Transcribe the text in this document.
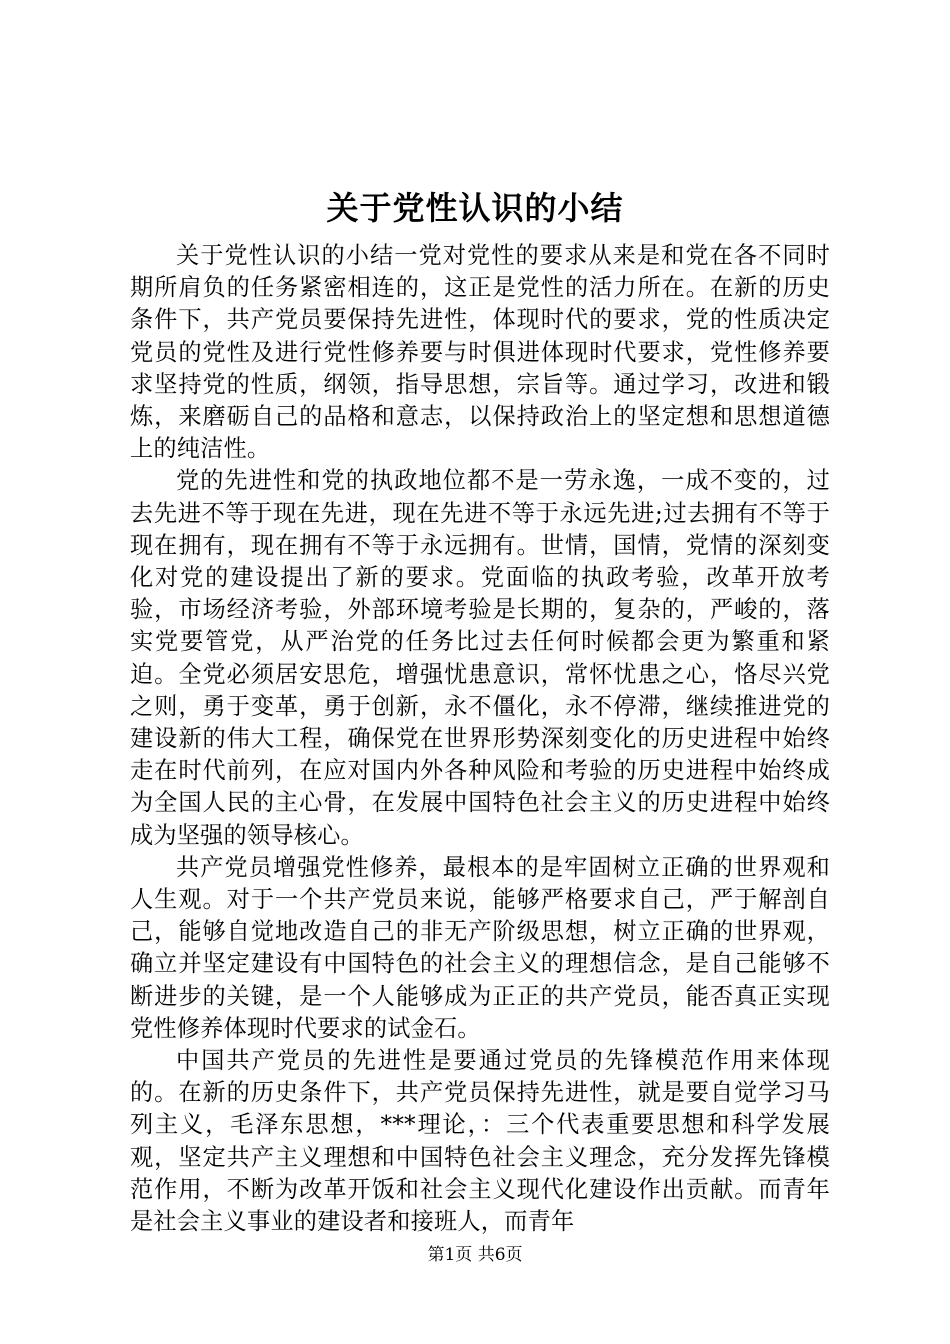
关于党性认识的小结

关于党性认识的小结一党对党性的要求从来是和党在各不同时期所肩负的任务紧密相连的，这正是党性的活力所在。在新的历史条件下，共产党员要保持先进性，体现时代的要求，党的性质决定党员的党性及进行党性修养要与时俱进体现时代要求，党性修养要求坚持党的性质，纲领，指导思想，宗旨等。通过学习，改进和锻炼，来磨砺自己的品格和意志，以保持政治上的坚定想和思想道德上的纯洁性。

党的先进性和党的执政地位都不是一劳永逸，一成不变的，过去先进不等于现在先进，现在先进不等于永远先进;过去拥有不等于现在拥有，现在拥有不等于永远拥有。世情，国情，党情的深刻变化对党的建设提出了新的要求。党面临的执政考验，改革开放考验，市场经济考验，外部环境考验是长期的，复杂的，严峻的，落实党要管党，从严治党的任务比过去任何时候都会更为繁重和紧迫。全党必须居安思危，增强忧患意识，常怀忧患之心，恪尽兴党之则，勇于变革，勇于创新，永不僵化，永不停滞，继续推进党的建设新的伟大工程，确保党在世界形势深刻变化的历史进程中始终走在时代前列，在应对国内外各种风险和考验的历史进程中始终成为全国人民的主心骨，在发展中国特色社会主义的历史进程中始终成为坚强的领导核心。

共产党员增强党性修养，最根本的是牢固树立正确的世界观和人生观。对于一个共产党员来说，能够严格要求自己，严于解剖自己，能够自觉地改造自己的非无产阶级思想，树立正确的世界观，确立并坚定建设有中国特色的社会主义的理想信念，是自己能够不断进步的关键，是一个人能够成为正正的共产党员，能否真正实现党性修养体现时代要求的试金石。

中国共产党员的先进性是要通过党员的先锋模范作用来体现的。在新的历史条件下，共产党员保持先进性，就是要自觉学习马列主义，毛泽东思想，***理论，：三个代表重要思想和科学发展观，坚定共产主义理想和中国特色社会主义理念，充分发挥先锋模范作用，不断为改革开饭和社会主义现代化建设作出贡献。而青年是社会主义事业的建设者和接班人，而青年

第1页 共6页
